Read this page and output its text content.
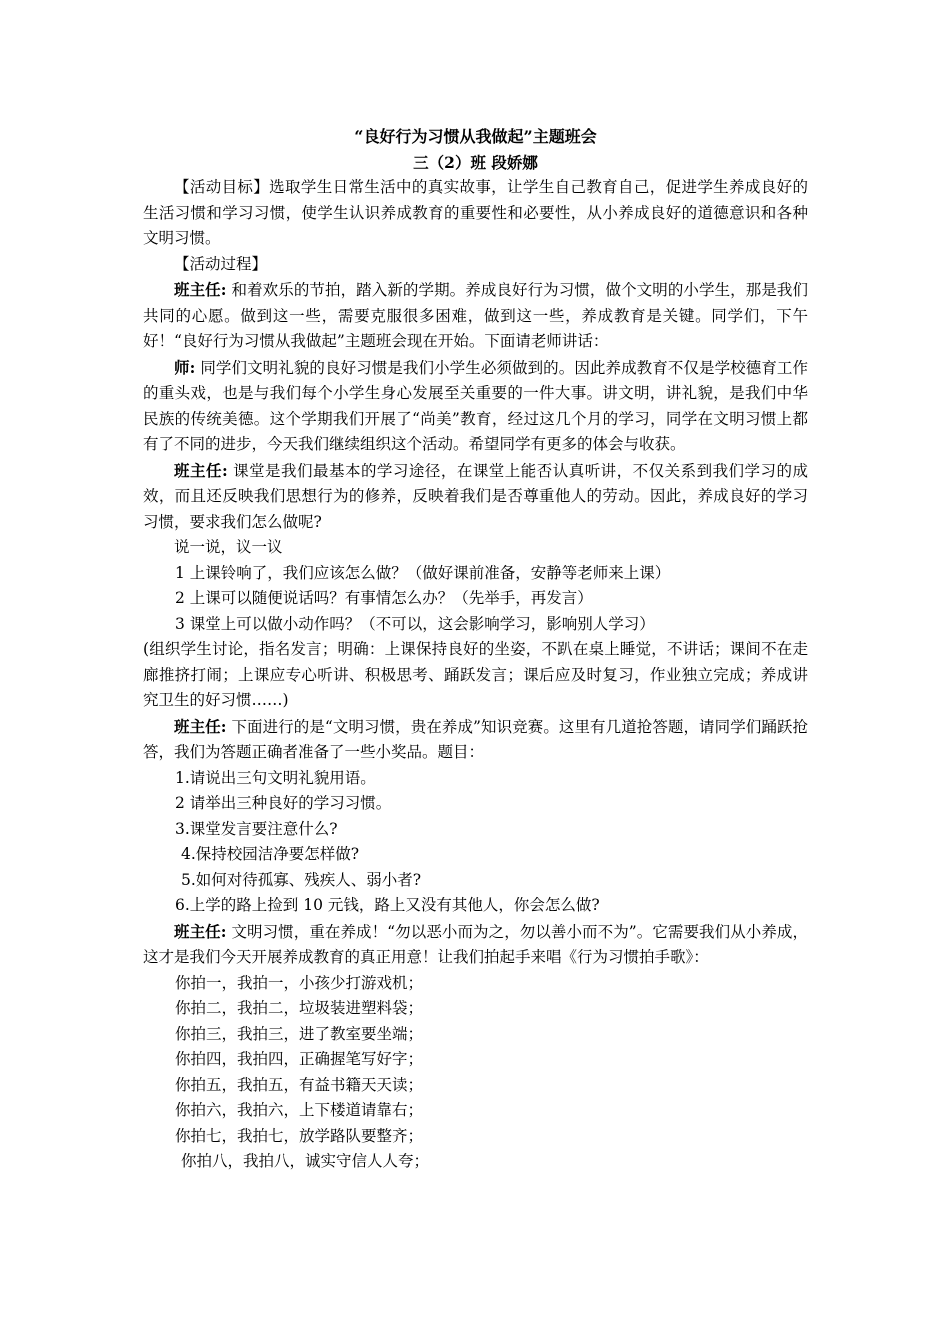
“良好行为习惯从我做起”主题班会

三（2）班 段娇娜

【活动目标】选取学生日常生活中的真实故事，让学生自己教育自己，促进学生养成良好的生活习惯和学习习惯，使学生认识养成教育的重要性和必要性，从小养成良好的道德意识和各种文明习惯。

【活动过程】

班主任: 和着欢乐的节拍，踏入新的学期。养成良好行为习惯，做个文明的小学生，那是我们共同的心愿。做到这一些，需要克服很多困难，做到这一些，养成教育是关键。同学们，下午好！“良好行为习惯从我做起”主题班会现在开始。下面请老师讲话：

师: 同学们文明礼貌的良好习惯是我们小学生必须做到的。因此养成教育不仅是学校德育工作的重头戏，也是与我们每个小学生身心发展至关重要的一件大事。讲文明，讲礼貌，是我们中华民族的传统美德。这个学期我们开展了“尚美”教育，经过这几个月的学习，同学在文明习惯上都有了不同的进步，今天我们继续组织这个活动。希望同学有更多的体会与收获。

班主任: 课堂是我们最基本的学习途径，在课堂上能否认真听讲，不仅关系到我们学习的成效，而且还反映我们思想行为的修养，反映着我们是否尊重他人的劳动。因此，养成良好的学习习惯，要求我们怎么做呢?

说一说，议一议

1 上课铃响了，我们应该怎么做？（做好课前准备，安静等老师来上课）

2 上课可以随便说话吗？有事情怎么办？（先举手，再发言）

3 课堂上可以做小动作吗？（不可以，这会影响学习，影响别人学习）

(组织学生讨论，指名发言；明确：上课保持良好的坐姿，不趴在桌上睡觉，不讲话；课间不在走廊推挤打闹；上课应专心听讲、积极思考、踊跃发言；课后应及时复习，作业独立完成；养成讲究卫生的好习惯……)

班主任: 下面进行的是“文明习惯，贵在养成”知识竞赛。这里有几道抢答题，请同学们踊跃抢答，我们为答题正确者准备了一些小奖品。题目：

1.请说出三句文明礼貌用语。

2 请举出三种良好的学习习惯。

3.课堂发言要注意什么?

4.保持校园洁净要怎样做?

5.如何对待孤寡、残疾人、弱小者?

6.上学的路上捡到 10 元钱，路上又没有其他人，你会怎么做?

班主任: 文明习惯，重在养成！“勿以恶小而为之，勿以善小而不为”。它需要我们从小养成，这才是我们今天开展养成教育的真正用意！让我们拍起手来唱《行为习惯拍手歌》：

你拍一，我拍一，小孩少打游戏机；

你拍二，我拍二，垃圾装进塑料袋；

你拍三，我拍三，进了教室要坐端；

你拍四，我拍四，正确握笔写好字；

你拍五，我拍五，有益书籍天天读；

你拍六，我拍六，上下楼道请靠右；

你拍七，我拍七，放学路队要整齐；

你拍八，我拍八，诚实守信人人夸；
